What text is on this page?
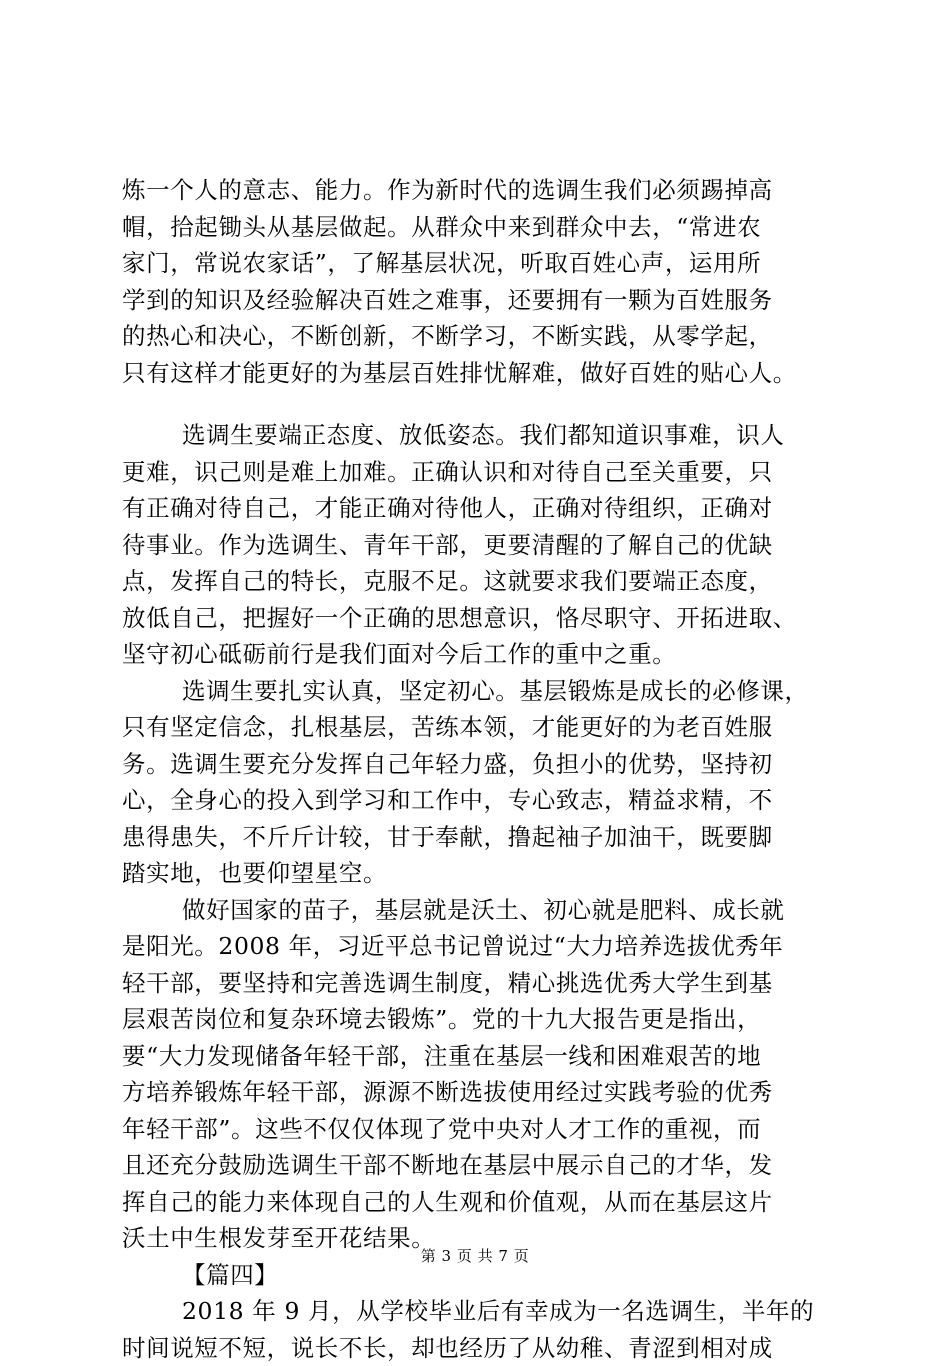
炼一个人的意志、能力。作为新时代的选调生我们必须踢掉高
帽，拾起锄头从基层做起。从群众中来到群众中去，“常进农
家门，常说农家话”，了解基层状况，听取百姓心声，运用所
学到的知识及经验解决百姓之难事，还要拥有一颗为百姓服务
的热心和决心，不断创新，不断学习，不断实践，从零学起，
只有这样才能更好的为基层百姓排忧解难，做好百姓的贴心人。
选调生要端正态度、放低姿态。我们都知道识事难，识人
更难，识己则是难上加难。正确认识和对待自己至关重要，只
有正确对待自己，才能正确对待他人，正确对待组织，正确对
待事业。作为选调生、青年干部，更要清醒的了解自己的优缺
点，发挥自己的特长，克服不足。这就要求我们要端正态度，
放低自己，把握好一个正确的思想意识，恪尽职守、开拓进取、
坚守初心砥砺前行是我们面对今后工作的重中之重。
选调生要扎实认真，坚定初心。基层锻炼是成长的必修课，
只有坚定信念，扎根基层，苦练本领，才能更好的为老百姓服
务。选调生要充分发挥自己年轻力盛，负担小的优势，坚持初
心，全身心的投入到学习和工作中，专心致志，精益求精，不
患得患失，不斤斤计较，甘于奉献，撸起袖子加油干，既要脚
踏实地，也要仰望星空。
做好国家的苗子，基层就是沃土、初心就是肥料、成长就
是阳光。2008 年，习近平总书记曾说过“大力培养选拔优秀年
轻干部，要坚持和完善选调生制度，精心挑选优秀大学生到基
层艰苦岗位和复杂环境去锻炼”。党的十九大报告更是指出，
要“大力发现储备年轻干部，注重在基层一线和困难艰苦的地
方培养锻炼年轻干部，源源不断选拔使用经过实践考验的优秀
年轻干部”。这些不仅仅体现了党中央对人才工作的重视，而
且还充分鼓励选调生干部不断地在基层中展示自己的才华，发
挥自己的能力来体现自己的人生观和价值观，从而在基层这片
沃土中生根发芽至开花结果。
【篇四】
2018 年 9 月，从学校毕业后有幸成为一名选调生，半年的
时间说短不短，说长不长，却也经历了从幼稚、青涩到相对成
第 3 页 共 7 页
